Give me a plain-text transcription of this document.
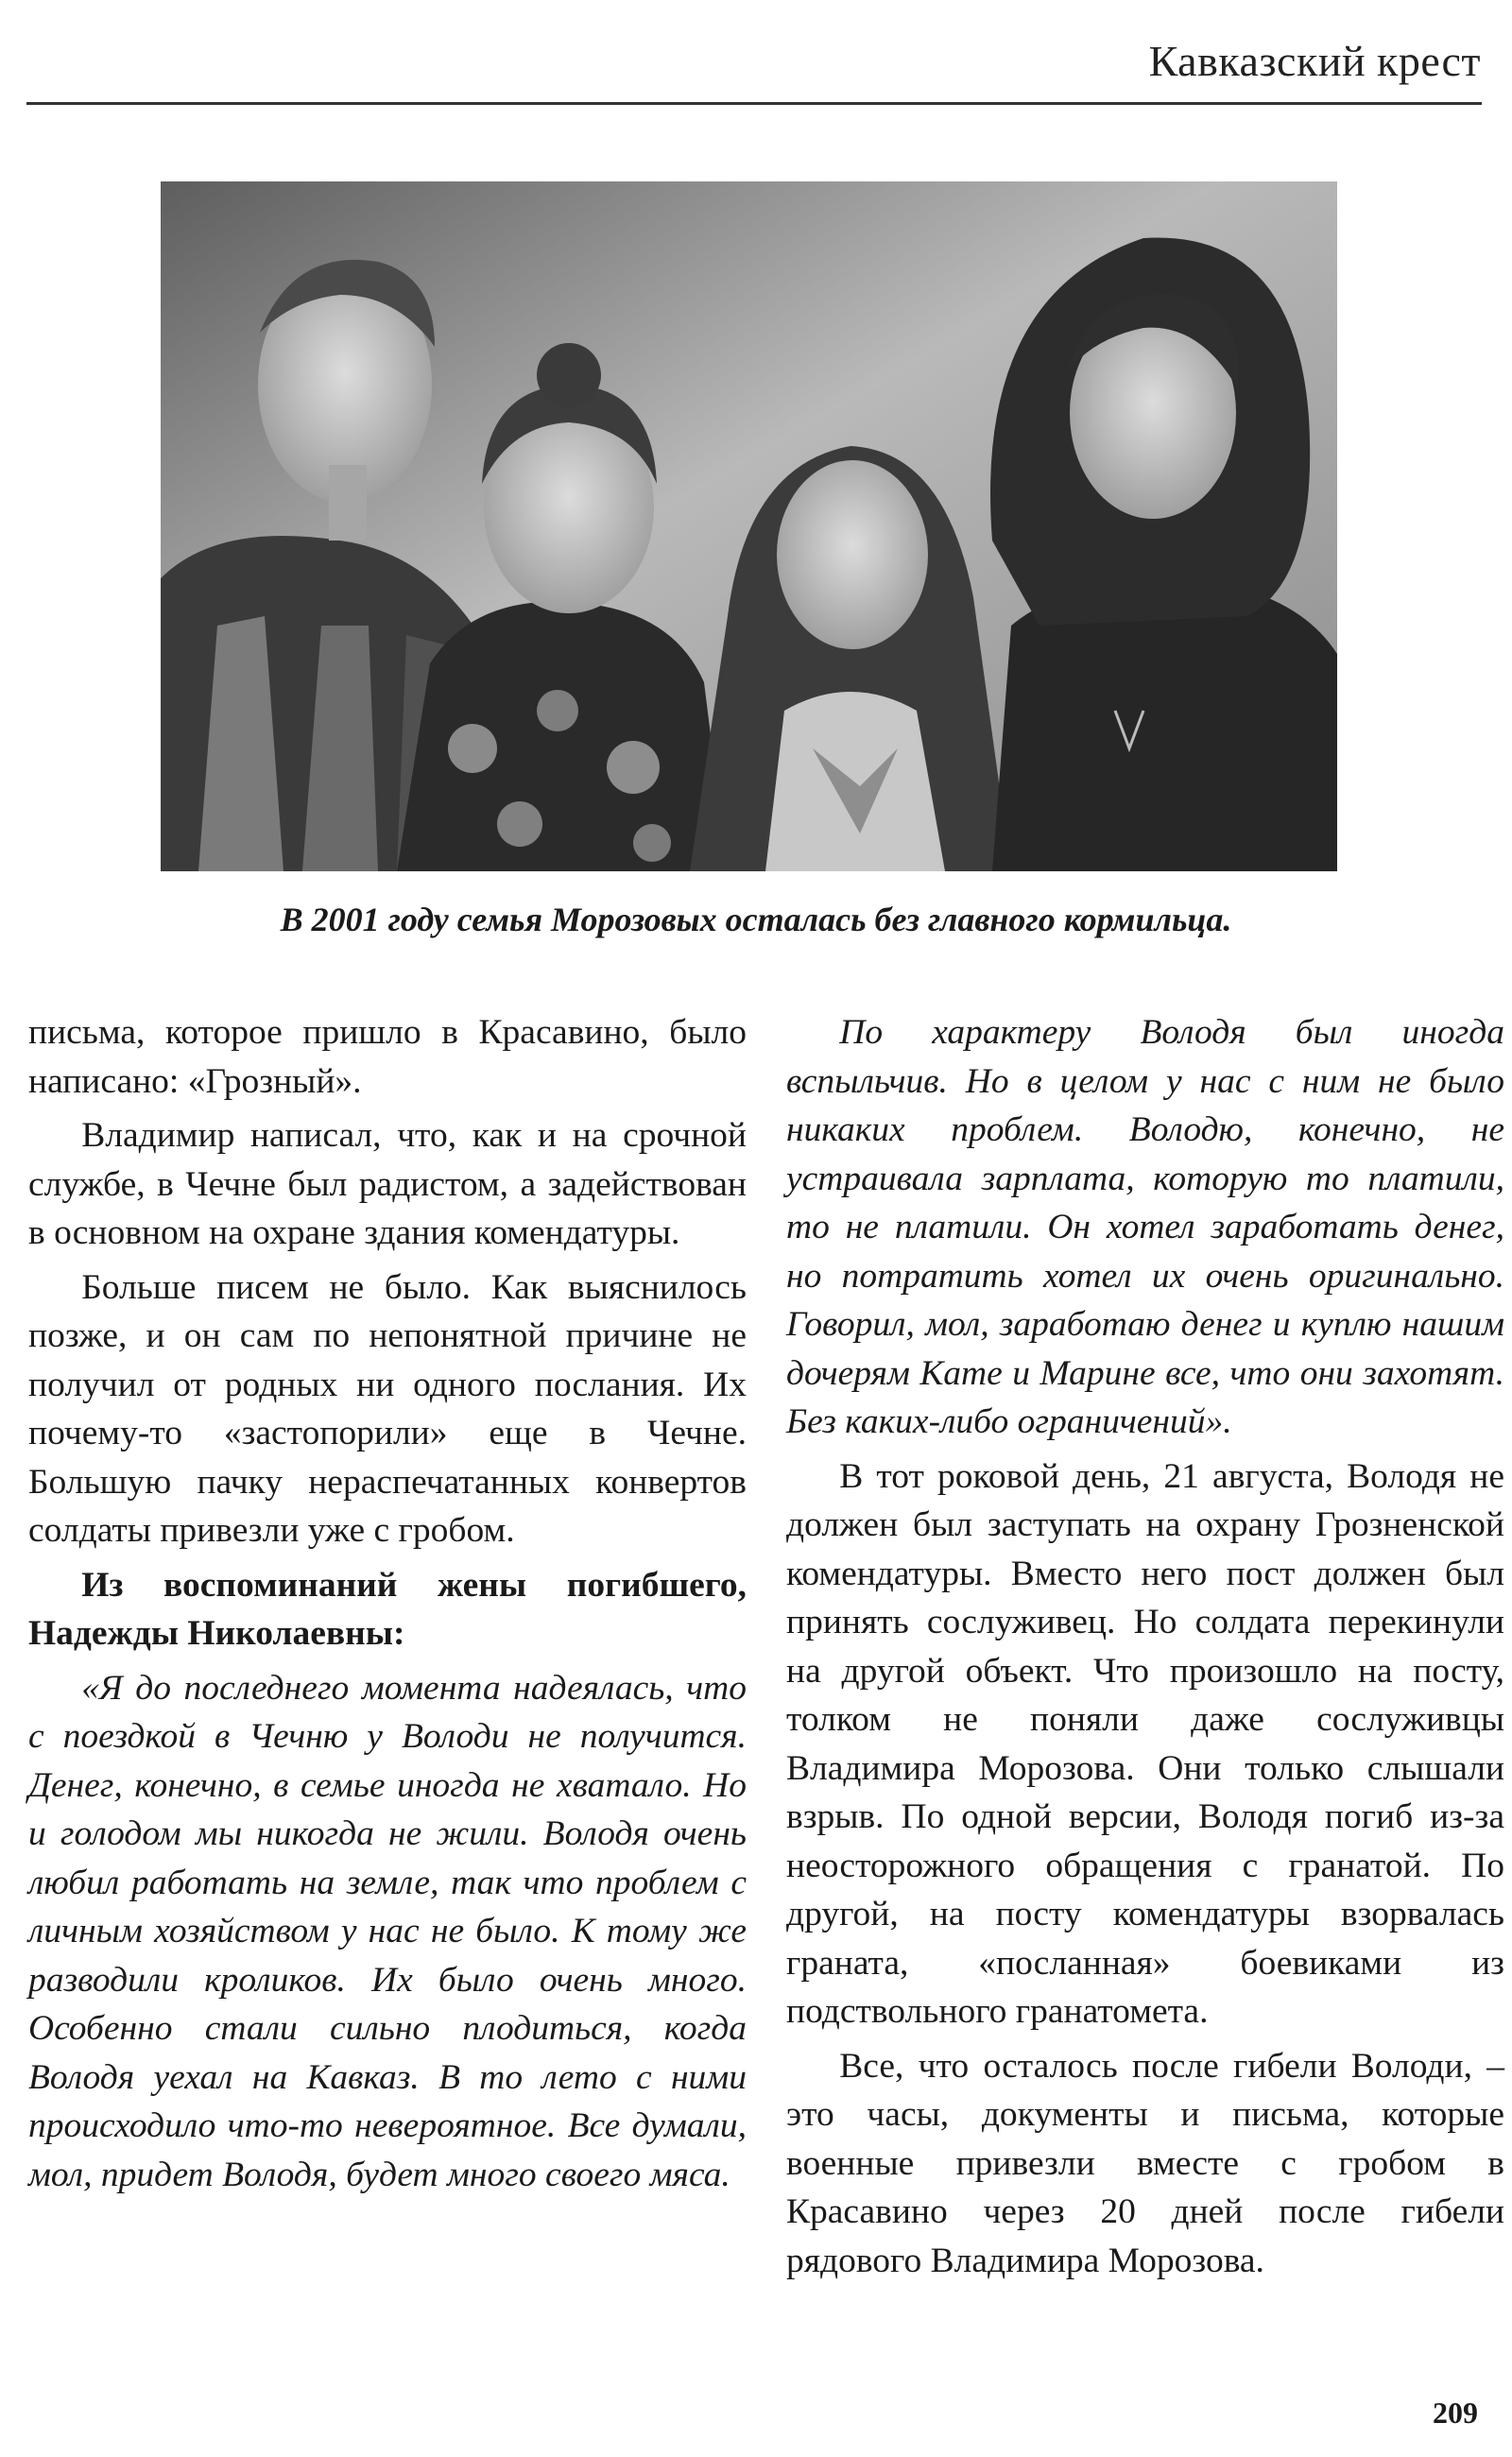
Кавказский крест
В 2001 году семья Морозовых осталась без главного кормильца.

письма, которое пришло в Красавино, было написано: «Грозный».

Владимир написал, что, как и на срочной службе, в Чечне был радистом, а задействован в основном на охране здания комендатуры.

Больше писем не было. Как выяснилось позже, и он сам по непонятной причине не получил от родных ни одного послания. Их почему-то «застопорили» еще в Чечне. Большую пачку нераспечатанных конвертов солдаты привезли уже с гробом.

Из воспоминаний жены погибшего, Надежды Николаевны:

«Я до последнего момента надеялась, что с поездкой в Чечню у Володи не получится. Денег, конечно, в семье иногда не хватало. Но и голодом мы никогда не жили. Володя очень любил работать на земле, так что проблем с личным хозяйством у нас не было. К тому же разводили кроликов. Их было очень много. Особенно стали сильно плодиться, когда Володя уехал на Кавказ. В то лето с ними происходило что-то невероятное. Все думали, мол, придет Володя, будет много своего мяса.

По характеру Володя был иногда вспыльчив. Но в целом у нас с ним не было никаких проблем. Володю, конечно, не устраивала зарплата, которую то платили, то не платили. Он хотел заработать денег, но потратить хотел их очень оригинально. Говорил, мол, заработаю денег и куплю нашим дочерям Кате и Марине все, что они захотят. Без каких-либо ограничений».

В тот роковой день, 21 августа, Володя не должен был заступать на охрану Грозненской комендатуры. Вместо него пост должен был принять сослуживец. Но солдата перекинули на другой объект. Что произошло на посту, толком не поняли даже сослуживцы Владимира Морозова. Они только слышали взрыв. По одной версии, Володя погиб из-за неосторожного обращения с гранатой. По другой, на посту комендатуры взорвалась граната, «посланная» боевиками из подствольного гранатомета.

Все, что осталось после гибели Володи, – это часы, документы и письма, которые военные привезли вместе с гробом в Красавино через 20 дней после гибели рядового Владимира Морозова.

209
